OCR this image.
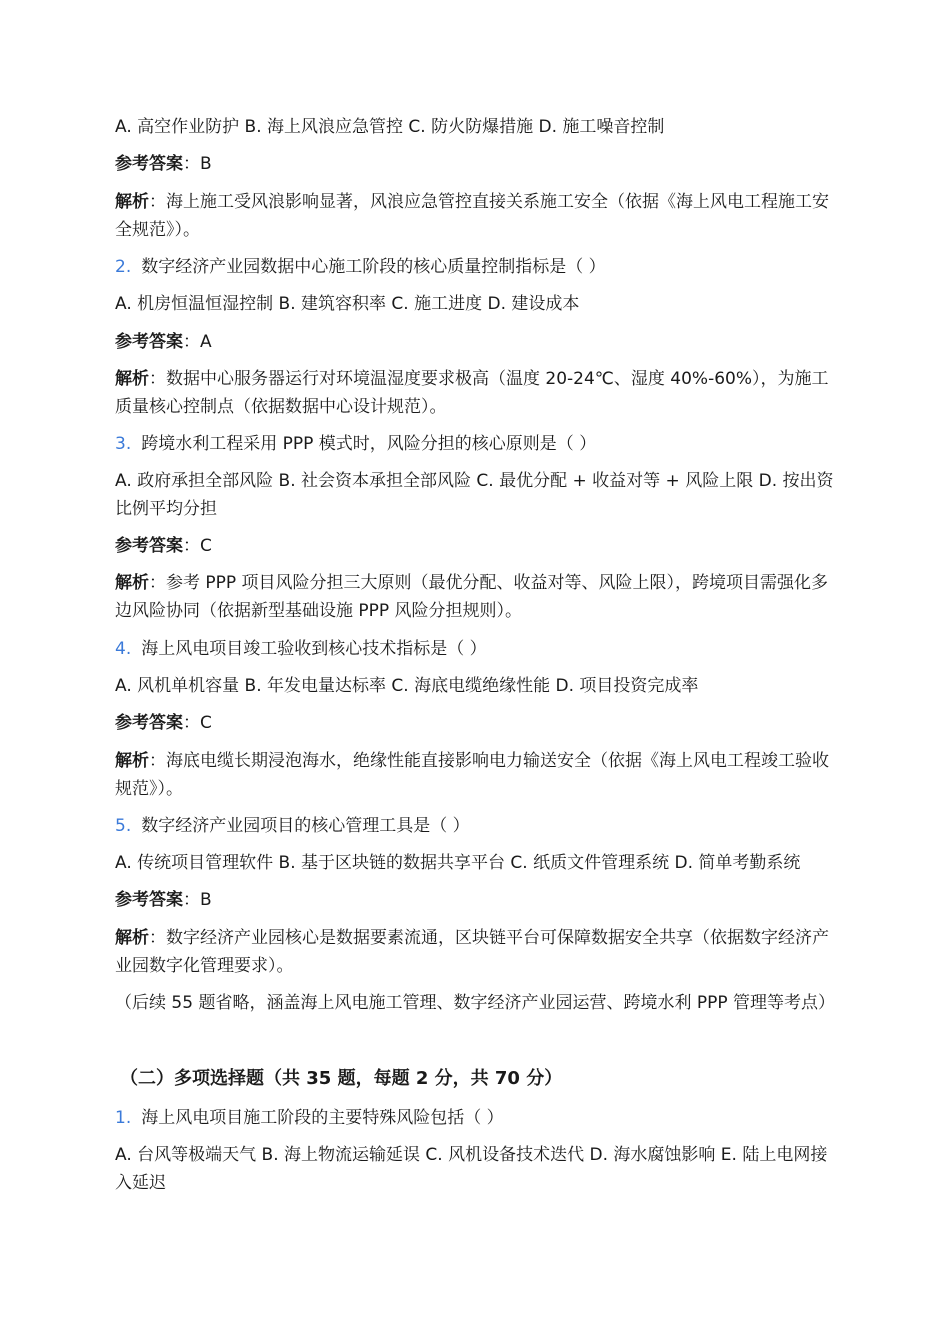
A. 高空作业防护 B. 海上风浪应急管控 C. 防火防爆措施 D. 施工噪音控制
参考答案：B
解析：海上施工受风浪影响显著，风浪应急管控直接关系施工安全（依据《海上风电工程施工安全规范》）。
2. 数字经济产业园数据中心施工阶段的核心质量控制指标是（ ）
A. 机房恒温恒湿控制 B. 建筑容积率 C. 施工进度 D. 建设成本
参考答案：A
解析：数据中心服务器运行对环境温湿度要求极高（温度 20-24℃、湿度 40%-60%），为施工质量核心控制点（依据数据中心设计规范）。
3. 跨境水利工程采用 PPP 模式时，风险分担的核心原则是（ ）
A. 政府承担全部风险 B. 社会资本承担全部风险 C. 最优分配 + 收益对等 + 风险上限 D. 按出资比例平均分担
参考答案：C
解析：参考 PPP 项目风险分担三大原则（最优分配、收益对等、风险上限），跨境项目需强化多边风险协同（依据新型基础设施 PPP 风险分担规则）。
4. 海上风电项目竣工验收到核心技术指标是（ ）
A. 风机单机容量 B. 年发电量达标率 C. 海底电缆绝缘性能 D. 项目投资完成率
参考答案：C
解析：海底电缆长期浸泡海水，绝缘性能直接影响电力输送安全（依据《海上风电工程竣工验收规范》）。
5. 数字经济产业园项目的核心管理工具是（ ）
A. 传统项目管理软件 B. 基于区块链的数据共享平台 C. 纸质文件管理系统 D. 简单考勤系统
参考答案：B
解析：数字经济产业园核心是数据要素流通，区块链平台可保障数据安全共享（依据数字经济产业园数字化管理要求）。
（后续 55 题省略，涵盖海上风电施工管理、数字经济产业园运营、跨境水利 PPP 管理等考点）
（二）多项选择题（共 35 题，每题 2 分，共 70 分）
1. 海上风电项目施工阶段的主要特殊风险包括（ ）
A. 台风等极端天气 B. 海上物流运输延误 C. 风机设备技术迭代 D. 海水腐蚀影响 E. 陆上电网接入延迟
